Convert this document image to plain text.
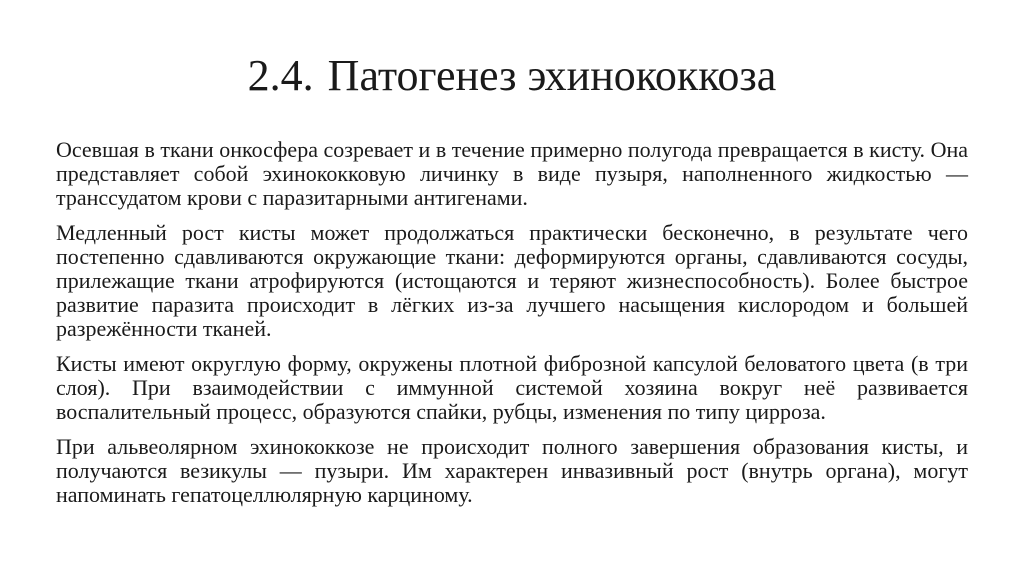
2.4. Патогенез эхинококкоза

Осевшая в ткани онкосфера созревает и в течение примерно полугода превращается в кисту. Она представляет собой эхинококковую личинку в виде пузыря, наполненного жидкостью — транссудатом крови с паразитарными антигенами.

Медленный рост кисты может продолжаться практически бесконечно, в результате чего постепенно сдавливаются окружающие ткани: деформируются органы, сдавливаются сосуды, прилежащие ткани атрофируются (истощаются и теряют жизнеспособность). Более быстрое развитие паразита происходит в лёгких из-за лучшего насыщения кислородом и большей разрежённости тканей.

Кисты имеют округлую форму, окружены плотной фиброзной капсулой беловатого цвета (в три слоя). При взаимодействии с иммунной системой хозяина вокруг неё развивается воспалительный процесс, образуются спайки, рубцы, изменения по типу цирроза.

При альвеолярном эхинококкозе не происходит полного завершения образования кисты, и получаются везикулы — пузыри. Им характерен инвазивный рост (внутрь органа), могут напоминать гепатоцеллюлярную карциному.
